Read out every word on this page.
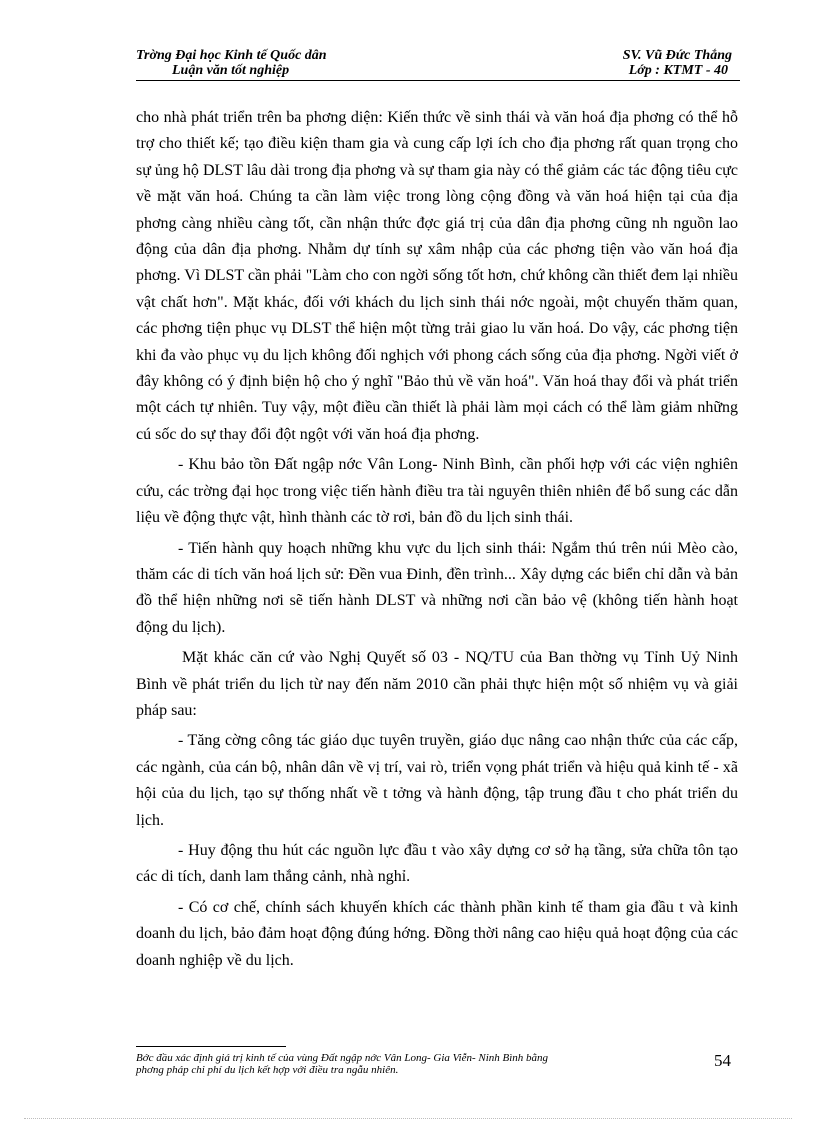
Trờng Đại học Kinh tế Quốc dân
Luận văn tốt nghiệp
SV. Vũ Đức Thắng
Lớp : KTMT - 40

cho nhà phát triển trên ba phơng diện: Kiến thức về sinh thái và văn hoá địa phơng có thể hỗ trợ cho thiết kế; tạo điều kiện tham gia và cung cấp lợi ích cho địa phơng rất quan trọng cho sự ủng hộ DLST lâu dài trong địa phơng và sự tham gia này có thể giảm các tác động tiêu cực về mặt văn hoá. Chúng ta cần làm việc trong lòng cộng đồng và văn hoá hiện tại của địa phơng càng nhiều càng tốt, cần nhận thức đợc giá trị của dân địa phơng cũng nh nguồn lao động của dân địa phơng. Nhằm dự tính sự xâm nhập của các phơng tiện vào văn hoá địa phơng. Vì DLST cần phải "Làm cho con ngời sống tốt hơn, chứ không cần thiết đem lại nhiều vật chất hơn". Mặt khác, đối với khách du lịch sinh thái nớc ngoài, một chuyến thăm quan, các phơng tiện phục vụ DLST thể hiện một từng trải giao lu văn hoá. Do vậy, các phơng tiện khi đa vào phục vụ du lịch không đối nghịch với phong cách sống của địa phơng. Ngời viết ở đây không có ý định biện hộ cho ý nghĩ "Bảo thủ về văn hoá". Văn hoá thay đổi và phát triển một cách tự nhiên. Tuy vậy, một điều cần thiết là phải làm mọi cách có thể làm giảm những cú sốc do sự thay đổi đột ngột với văn hoá địa phơng.

- Khu bảo tồn Đất ngập nớc Vân Long- Ninh Bình, cần phối hợp với các viện nghiên cứu, các trờng đại học trong việc tiến hành điều tra tài nguyên thiên nhiên để bổ sung các dẫn liệu về động thực vật, hình thành các tờ rơi, bản đồ du lịch sinh thái.

- Tiến hành quy hoạch những khu vực du lịch sinh thái: Ngắm thú trên núi Mèo cào, thăm các di tích văn hoá lịch sử: Đền vua Đinh, đền trình... Xây dựng các biển chỉ dẫn và bản đồ thể hiện những nơi sẽ tiến hành DLST và những nơi cần bảo vệ (không tiến hành hoạt động du lịch).

Mặt khác căn cứ vào Nghị Quyết số 03 - NQ/TU của Ban thờng vụ Tỉnh Uỷ Ninh Bình về phát triển du lịch từ nay đến năm 2010 cần phải thực hiện một số nhiệm vụ và giải pháp sau:

- Tăng cờng công tác giáo dục tuyên truyền, giáo dục nâng cao nhận thức của các cấp, các ngành, của cán bộ, nhân dân về vị trí, vai rò, triển vọng phát triển và hiệu quả kinh tế - xã hội của du lịch, tạo sự thống nhất về t tởng và hành động, tập trung đầu t cho phát triển du lịch.

- Huy động thu hút các nguồn lực đầu t vào xây dựng cơ sở hạ tầng, sửa chữa tôn tạo các di tích, danh lam thắng cảnh, nhà nghỉ.

- Có cơ chế, chính sách khuyến khích các thành phần kinh tế tham gia đầu t và kinh doanh du lịch, bảo đảm hoạt động đúng hớng. Đồng thời nâng cao hiệu quả hoạt động của các doanh nghiệp về du lịch.

Bớc đầu xác định giá trị kinh tế của vùng Đất ngập nớc Vân Long- Gia Viễn- Ninh Bình bằng
phơng pháp chi phí du lịch kết hợp với điều tra ngẫu nhiên.	54
